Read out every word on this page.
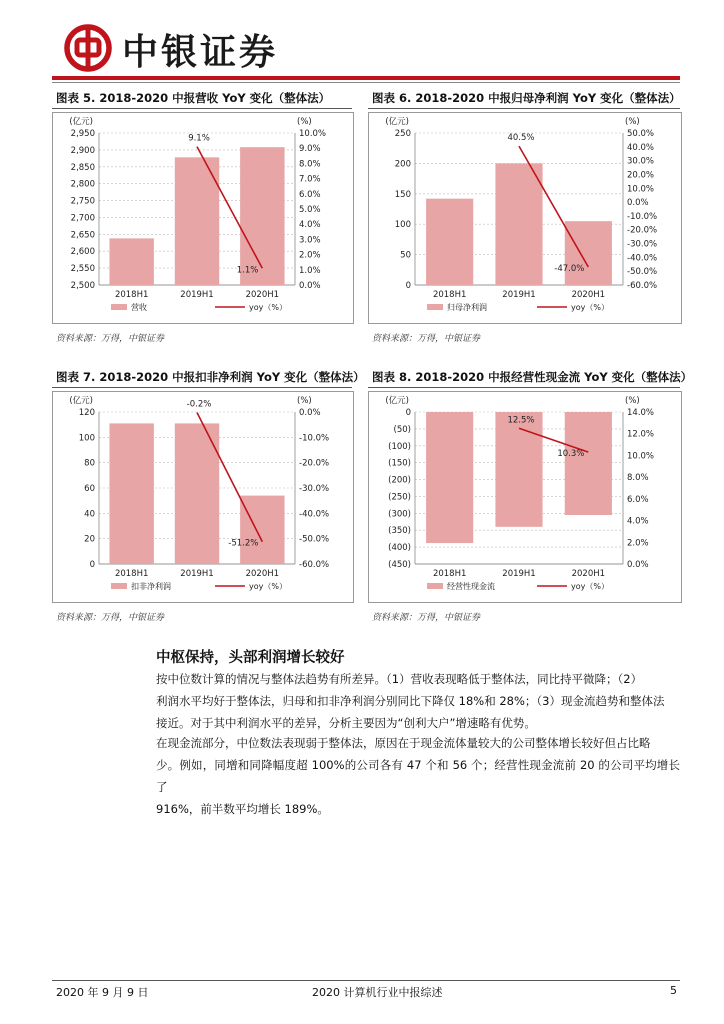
中银证券
图表 5. 2018-2020 中报营收 YoY 变化（整体法）
(亿元)	(%)
2,500
2,550
2,600
2,650
2,700
2,750
2,800
2,850
2,900
2,950
0.0%
1.0%
2.0%
3.0%
4.0%
5.0%
6.0%
7.0%
8.0%
9.0%
10.0%
2018H1	2019H1	2020H1
9.1%
1.1%
营收	yoy（%）
资料来源：万得，中银证券
图表 6. 2018-2020 中报归母净利润 YoY 变化（整体法）
(亿元)	(%)
0
50
100
150
200
250
-60.0%
-50.0%
-40.0%
-30.0%
-20.0%
-10.0%
0.0%
10.0%
20.0%
30.0%
40.0%
50.0%
2018H1	2019H1	2020H1
40.5%
-47.0%
归母净利润	yoy（%）
资料来源：万得，中银证券
图表 7. 2018-2020 中报扣非净利润 YoY 变化（整体法）
(亿元)	(%)
0
20
40
60
80
100
120
-60.0%
-50.0%
-40.0%
-30.0%
-20.0%
-10.0%
0.0%
2018H1	2019H1	2020H1
-0.2%
-51.2%
扣非净利润	yoy（%）
资料来源：万得，中银证券
图表 8. 2018-2020 中报经营性现金流 YoY 变化（整体法）
(亿元)	(%)
(450)
(400)
(350)
(300)
(250)
(200)
(150)
(100)
(50)
0
0.0%
2.0%
4.0%
6.0%
8.0%
10.0%
12.0%
14.0%
2018H1	2019H1	2020H1
12.5%
10.3%
经营性现金流	yoy（%）
资料来源：万得，中银证券
中枢保持，头部利润增长较好
按中位数计算的情况与整体法趋势有所差异。（1）营收表现略低于整体法，同比持平微降；（2）
利润水平均好于整体法，归母和扣非净利润分别同比下降仅 18%和 28%；（3）现金流趋势和整体法
接近。对于其中利润水平的差异，分析主要因为“创利大户”增速略有优势。
在现金流部分，中位数法表现弱于整体法，原因在于现金流体量较大的公司整体增长较好但占比略
少。例如，同增和同降幅度超 100%的公司各有 47 个和 56 个；经营性现金流前 20 的公司平均增长了
916%，前半数平均增长 189%。
2020 年 9 月 9 日	2020 计算机行业中报综述	5
